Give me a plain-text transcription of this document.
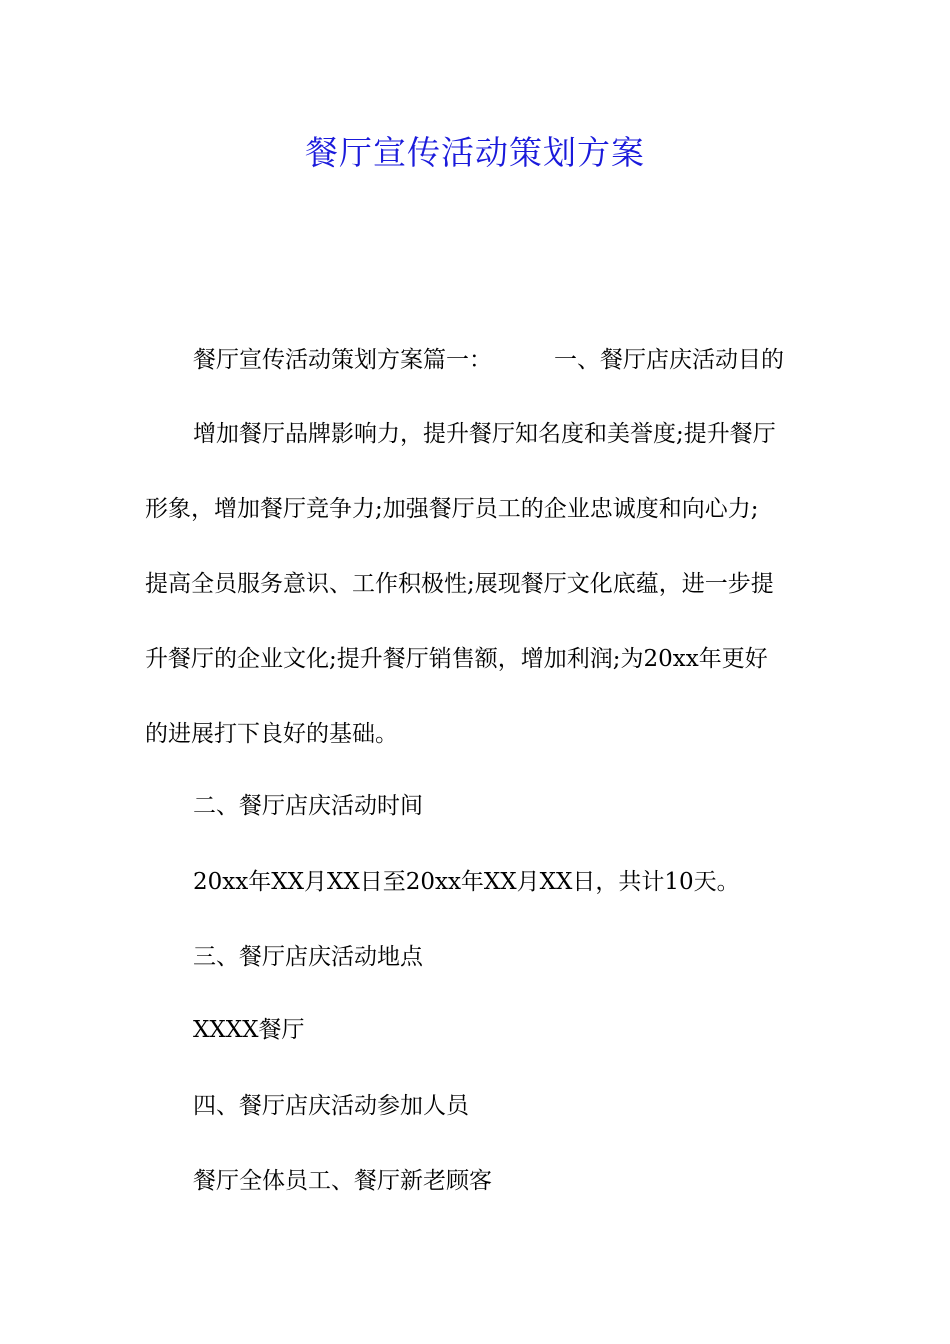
餐厅宣传活动策划方案
餐厅宣传活动策划方案篇一：	一、餐厅店庆活动目的
增加餐厅品牌影响力，提升餐厅知名度和美誉度;提升餐厅
形象，增加餐厅竞争力;加强餐厅员工的企业忠诚度和向心力;
提高全员服务意识、工作积极性;展现餐厅文化底蕴，进一步提
升餐厅的企业文化;提升餐厅销售额，增加利润;为20xx年更好
的进展打下良好的基础。
二、餐厅店庆活动时间
20xx年XX月XX日至20xx年XX月XX日，共计10天。
三、餐厅店庆活动地点
XXXX餐厅
四、餐厅店庆活动参加人员
餐厅全体员工、餐厅新老顾客
